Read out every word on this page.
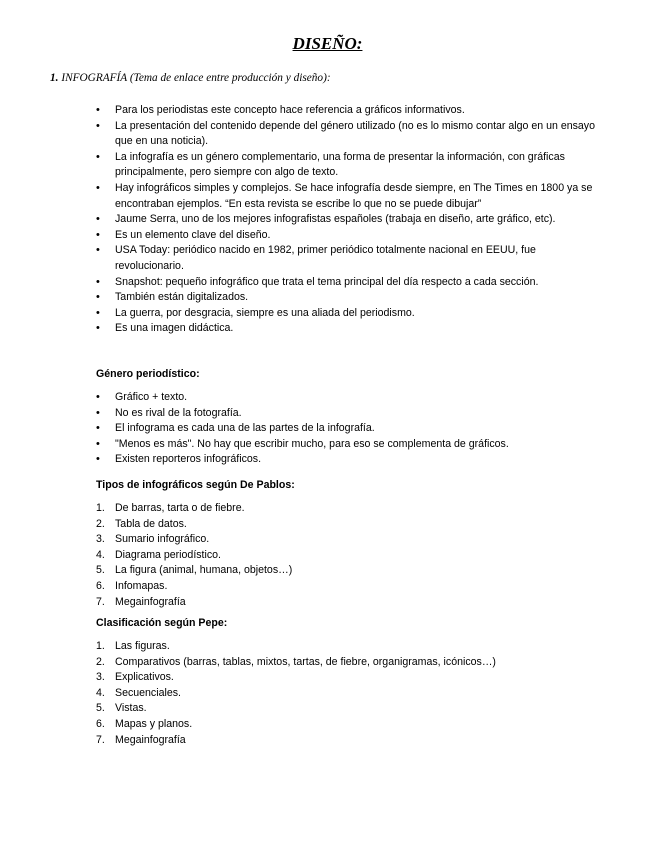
DISEÑO:
1. INFOGRAFÍA (Tema de enlace entre producción y diseño):
• Para los periodistas este concepto hace referencia a gráficos informativos.
• La presentación del contenido depende del género utilizado (no es lo mismo contar algo en un ensayo que en una noticia).
• La infografía es un género complementario, una forma de presentar la información, con gráficas principalmente, pero siempre con algo de texto.
• Hay infográficos simples y complejos. Se hace infografía desde siempre, en The Times en 1800 ya se encontraban ejemplos. “En esta revista se escribe lo que no se puede dibujar”
• Jaume Serra, uno de los mejores infografistas españoles (trabaja en diseño, arte gráfico, etc).
• Es un elemento clave del diseño.
• USA Today: periódico nacido en 1982, primer periódico totalmente nacional en EEUU, fue revolucionario.
• Snapshot: pequeño infográfico que trata el tema principal del día respecto a cada sección.
• También están digitalizados.
• La guerra, por desgracia, siempre es una aliada del periodismo.
• Es una imagen didáctica.
Género periodístico:
• Gráfico + texto.
• No es rival de la fotografía.
• El infograma es cada una de las partes de la infografía.
• "Menos es más". No hay que escribir mucho, para eso se complementa de gráficos.
• Existen reporteros infográficos.
Tipos de infográficos según De Pablos:
1. De barras, tarta o de fiebre.
2. Tabla de datos.
3. Sumario infográfico.
4. Diagrama periodístico.
5. La figura (animal, humana, objetos…)
6. Infomapas.
7. Megainfografía
Clasificación según Pepe:
1. Las figuras.
2. Comparativos (barras, tablas, mixtos, tartas, de fiebre, organigramas, icónicos…)
3. Explicativos.
4. Secuenciales.
5. Vistas.
6. Mapas y planos.
7. Megainfografía
